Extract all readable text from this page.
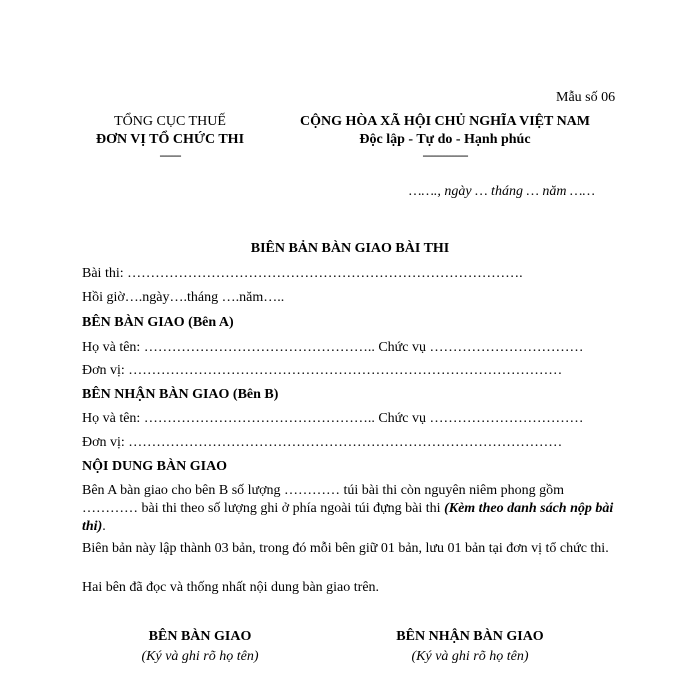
Mẫu số 06
TỔNG CỤC THUẾ
ĐƠN VỊ TỔ CHỨC THI
-------
CỘNG HÒA XÃ HỘI CHỦ NGHĨA VIỆT NAM
Độc lập - Tự do - Hạnh phúc
---------------
……., ngày … tháng … năm ……
BIÊN BẢN BÀN GIAO BÀI THI
Bài thi: ………………………………………………………………………….
Hồi giờ….ngày….tháng ….năm…..
BÊN BÀN GIAO (Bên A)
Họ và tên: ………………………………………….. Chức vụ ……………………………
Đơn vị: …………………………………………………………………………………
BÊN NHẬN BÀN GIAO (Bên B)
Họ và tên: ………………………………………….. Chức vụ ……………………………
Đơn vị: …………………………………………………………………………………
NỘI DUNG BÀN GIAO
Bên A bàn giao cho bên B số lượng ………… túi bài thi còn nguyên niêm phong gồm ………… bài thi theo số lượng ghi ở phía ngoài túi đựng bài thi (Kèm theo danh sách nộp bài thi).
Biên bản này lập thành 03 bản, trong đó mỗi bên giữ 01 bản, lưu 01 bản tại đơn vị tổ chức thi.
Hai bên đã đọc và thống nhất nội dung bàn giao trên.
BÊN BÀN GIAO
(Ký và ghi rõ họ tên)
BÊN NHẬN BÀN GIAO
(Ký và ghi rõ họ tên)
